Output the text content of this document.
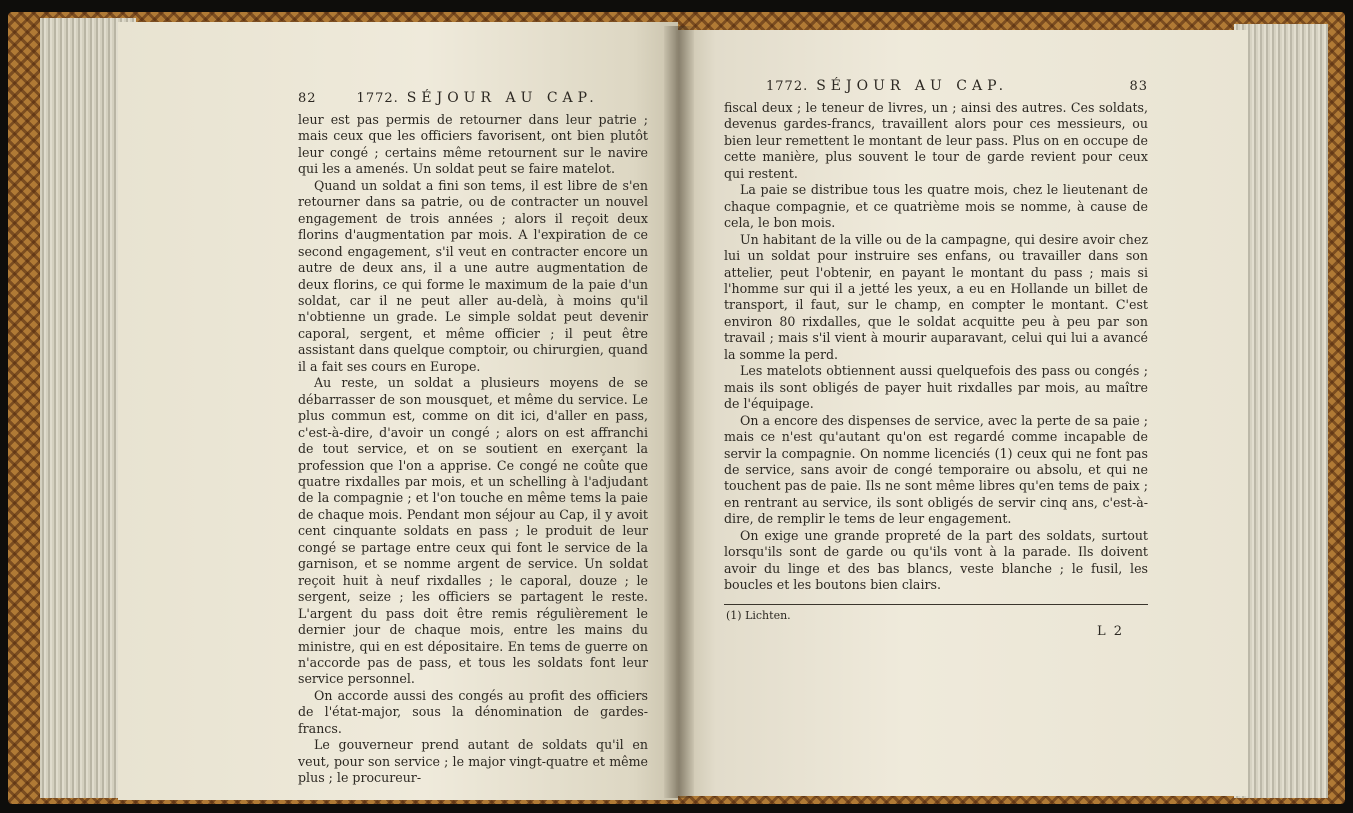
82	1772. SÉJOUR AU CAP.

leur est pas permis de retourner dans leur patrie ; mais ceux que les officiers favorisent, ont bien plutôt leur congé ; certains même retournent sur le navire qui les a amenés. Un soldat peut se faire matelot.

Quand un soldat a fini son tems, il est libre de s'en retourner dans sa patrie, ou de contracter un nouvel engagement de trois années ; alors il reçoit deux florins d'augmentation par mois. A l'expiration de ce second engagement, s'il veut en contracter encore un autre de deux ans, il a une autre augmentation de deux florins, ce qui forme le maximum de la paie d'un soldat, car il ne peut aller au-delà, à moins qu'il n'obtienne un grade. Le simple soldat peut devenir caporal, sergent, et même officier ; il peut être assistant dans quelque comptoir, ou chirurgien, quand il a fait ses cours en Europe.

Au reste, un soldat a plusieurs moyens de se débarrasser de son mousquet, et même du service. Le plus commun est, comme on dit ici, d'aller en pass, c'est-à-dire, d'avoir un congé ; alors on est affranchi de tout service, et on se soutient en exerçant la profession que l'on a apprise. Ce congé ne coûte que quatre rixdalles par mois, et un schelling à l'adjudant de la compagnie ; et l'on touche en même tems la paie de chaque mois. Pendant mon séjour au Cap, il y avoit cent cinquante soldats en pass ; le produit de leur congé se partage entre ceux qui font le service de la garnison, et se nomme argent de service. Un soldat reçoit huit à neuf rixdalles ; le caporal, douze ; le sergent, seize ; les officiers se partagent le reste. L'argent du pass doit être remis régulièrement le dernier jour de chaque mois, entre les mains du ministre, qui en est dépositaire. En tems de guerre on n'accorde pas de pass, et tous les soldats font leur service personnel.

On accorde aussi des congés au profit des officiers de l'état-major, sous la dénomination de gardes-francs.

Le gouverneur prend autant de soldats qu'il en veut, pour son service ; le major vingt-quatre et même plus ; le procureur-

1772. SÉJOUR AU CAP.	83

fiscal deux ; le teneur de livres, un ; ainsi des autres. Ces soldats, devenus gardes-francs, travaillent alors pour ces messieurs, ou bien leur remettent le montant de leur pass. Plus on en occupe de cette manière, plus souvent le tour de garde revient pour ceux qui restent.

La paie se distribue tous les quatre mois, chez le lieutenant de chaque compagnie, et ce quatrième mois se nomme, à cause de cela, le bon mois.

Un habitant de la ville ou de la campagne, qui desire avoir chez lui un soldat pour instruire ses enfans, ou travailler dans son attelier, peut l'obtenir, en payant le montant du pass ; mais si l'homme sur qui il a jetté les yeux, a eu en Hollande un billet de transport, il faut, sur le champ, en compter le montant. C'est environ 80 rixdalles, que le soldat acquitte peu à peu par son travail ; mais s'il vient à mourir auparavant, celui qui lui a avancé la somme la perd.

Les matelots obtiennent aussi quelquefois des pass ou congés ; mais ils sont obligés de payer huit rixdalles par mois, au maître de l'équipage.

On a encore des dispenses de service, avec la perte de sa paie ; mais ce n'est qu'autant qu'on est regardé comme incapable de servir la compagnie. On nomme licenciés (1) ceux qui ne font pas de service, sans avoir de congé temporaire ou absolu, et qui ne touchent pas de paie. Ils ne sont même libres qu'en tems de paix ; en rentrant au service, ils sont obligés de servir cinq ans, c'est-à-dire, de remplir le tems de leur engagement.

On exige une grande propreté de la part des soldats, surtout lorsqu'ils sont de garde ou qu'ils vont à la parade. Ils doivent avoir du linge et des bas blancs, veste blanche ; le fusil, les boucles et les boutons bien clairs.

(1) Lichten.
L 2
